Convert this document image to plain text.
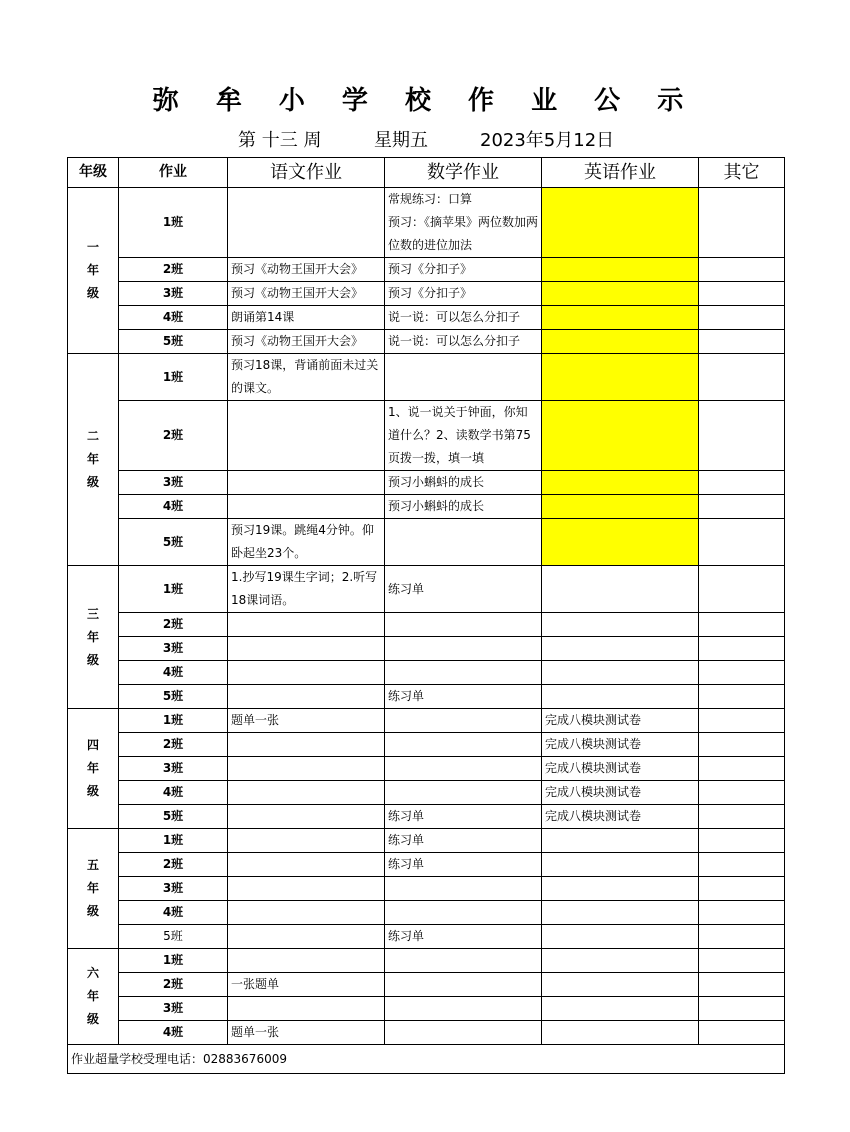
弥 牟 小 学 校 作 业 公 示
第 十三 周	星期五	2023年5月12日
年级	作业	语文作业	数学作业	英语作业	其它

一
年
级	1班		常规练习：口算
预习：《摘苹果》两位数加两位数的进位加法		
	2班	预习《动物王国开大会》	预习《分扣子》		
	3班	预习《动物王国开大会》	预习《分扣子》		
	4班	朗诵第14课	说一说：可以怎么分扣子		
	5班	预习《动物王国开大会》	说一说：可以怎么分扣子		

二
年
级	1班	预习18课，背诵前面未过关的课文。			
	2班		1、说一说关于钟面，你知道什么？2、读数学书第75页拨一拨，填一填		
	3班		预习小蝌蚪的成长		
	4班		预习小蝌蚪的成长		
	5班	预习19课。跳绳4分钟。仰卧起坐23个。			

三
年
级	1班	1.抄写19课生字词；2.听写18课词语。	练习单		
	2班				
	3班				
	4班				
	5班		练习单		

四
年
级	1班	题单一张		完成八模块测试卷	
	2班			完成八模块测试卷	
	3班			完成八模块测试卷	
	4班			完成八模块测试卷	
	5班		练习单	完成八模块测试卷	

五
年
级	1班		练习单		
	2班		练习单		
	3班				
	4班				
	5班		练习单		

六
年
级	1班				
	2班	一张题单			
	3班				
	4班	题单一张			
作业超量学校受理电话：02883676009					
